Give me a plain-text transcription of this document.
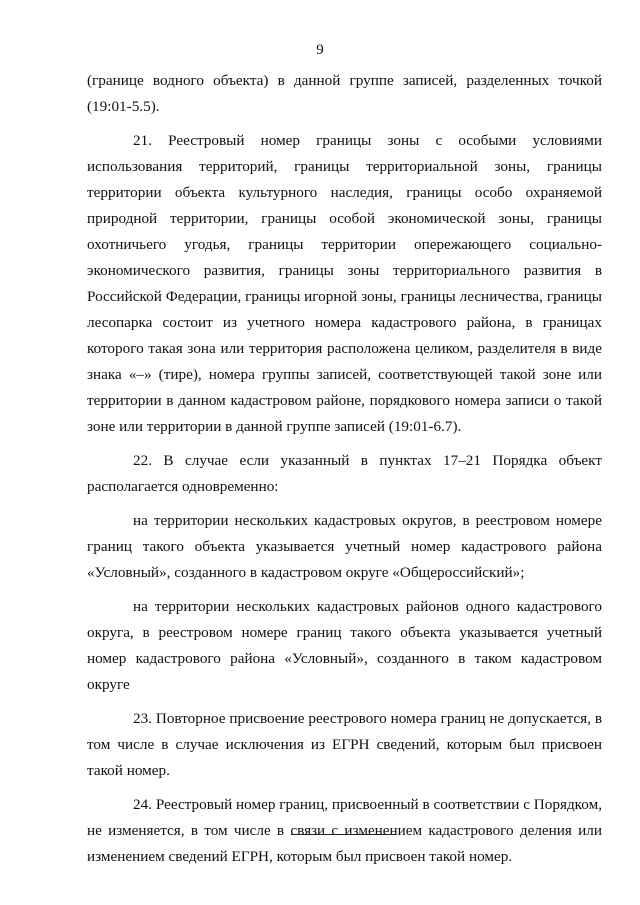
9

(границе водного объекта) в данной группе записей, разделенных точкой (19:01-5.5).

21. Реестровый номер границы зоны с особыми условиями использования территорий, границы территориальной зоны, границы территории объекта культурного наследия, границы особо охраняемой природной территории, границы особой экономической зоны, границы охотничьего угодья, границы территории опережающего социально-экономического развития, границы зоны территориального развития в Российской Федерации, границы игорной зоны, границы лесничества, границы лесопарка состоит из учетного номера кадастрового района, в границах которого такая зона или территория расположена целиком, разделителя в виде знака «–» (тире), номера группы записей, соответствующей такой зоне или территории в данном кадастровом районе, порядкового номера записи о такой зоне или территории в данной группе записей (19:01-6.7).

22. В случае если указанный в пунктах 17–21 Порядка объект располагается одновременно:

на территории нескольких кадастровых округов, в реестровом номере границ такого объекта указывается учетный номер кадастрового района «Условный», созданного в кадастровом округе «Общероссийский»;

на территории нескольких кадастровых районов одного кадастрового округа, в реестровом номере границ такого объекта указывается учетный номер кадастрового района «Условный», созданного в таком кадастровом округе

23. Повторное присвоение реестрового номера границ не допускается, в том числе в случае исключения из ЕГРН сведений, которым был присвоен такой номер.

24. Реестровый номер границ, присвоенный в соответствии с Порядком, не изменяется, в том числе в связи с изменением кадастрового деления или изменением сведений ЕГРН, которым был присвоен такой номер.
